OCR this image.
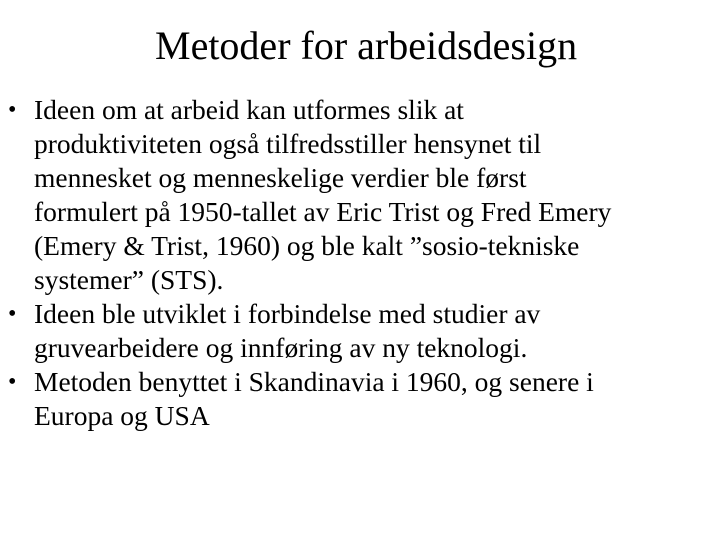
Metoder for arbeidsdesign
• Ideen om at arbeid kan utformes slik at
produktiviteten også tilfredsstiller hensynet til
mennesket og menneskelige verdier ble først
formulert på 1950-tallet av Eric Trist og Fred Emery
(Emery & Trist, 1960) og ble kalt ”sosio-tekniske
systemer” (STS).
• Ideen ble utviklet i forbindelse med studier av
gruvearbeidere og innføring av ny teknologi.
• Metoden benyttet i Skandinavia i 1960, og senere i
Europa og USA
